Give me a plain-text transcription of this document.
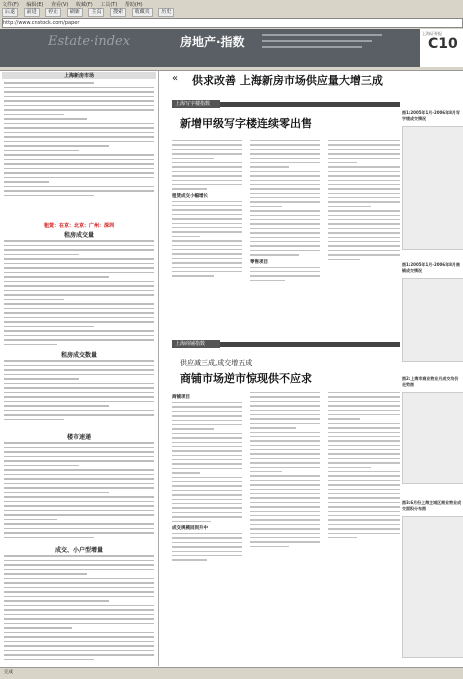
文件(F) 编辑(E) 查看(V) 收藏(F) 工具(T) 帮助(H)
后退 前进 停止 刷新 主页 搜索 收藏夹 历史
http://www.cnstock.com/paper
Estate·index	房地产·指数
上海证券报
C10
上海新房市场
租赁：在京：北京：广州：深圳
租房成交量
租房成交数量
楼市速递
成交、小户型增量
« 供求改善 上海新房市场供应量大增三成
上海写字楼指数
新增甲级写字楼连续零出售
租赁成交小幅增长
零售项目
上海商铺指数
供应减三成,成交增五成
商铺市场逆市惊现供不应求
商铺项目
成交规模回到升中
图1:2005年1月-2006年8月写字楼成交情况
图1:2005年1月-2006年8月商铺成交情况
图2:上海市商业物业月成交均价走势图
图3:6月份上海主城区商业物业成交面积分布图
完成
